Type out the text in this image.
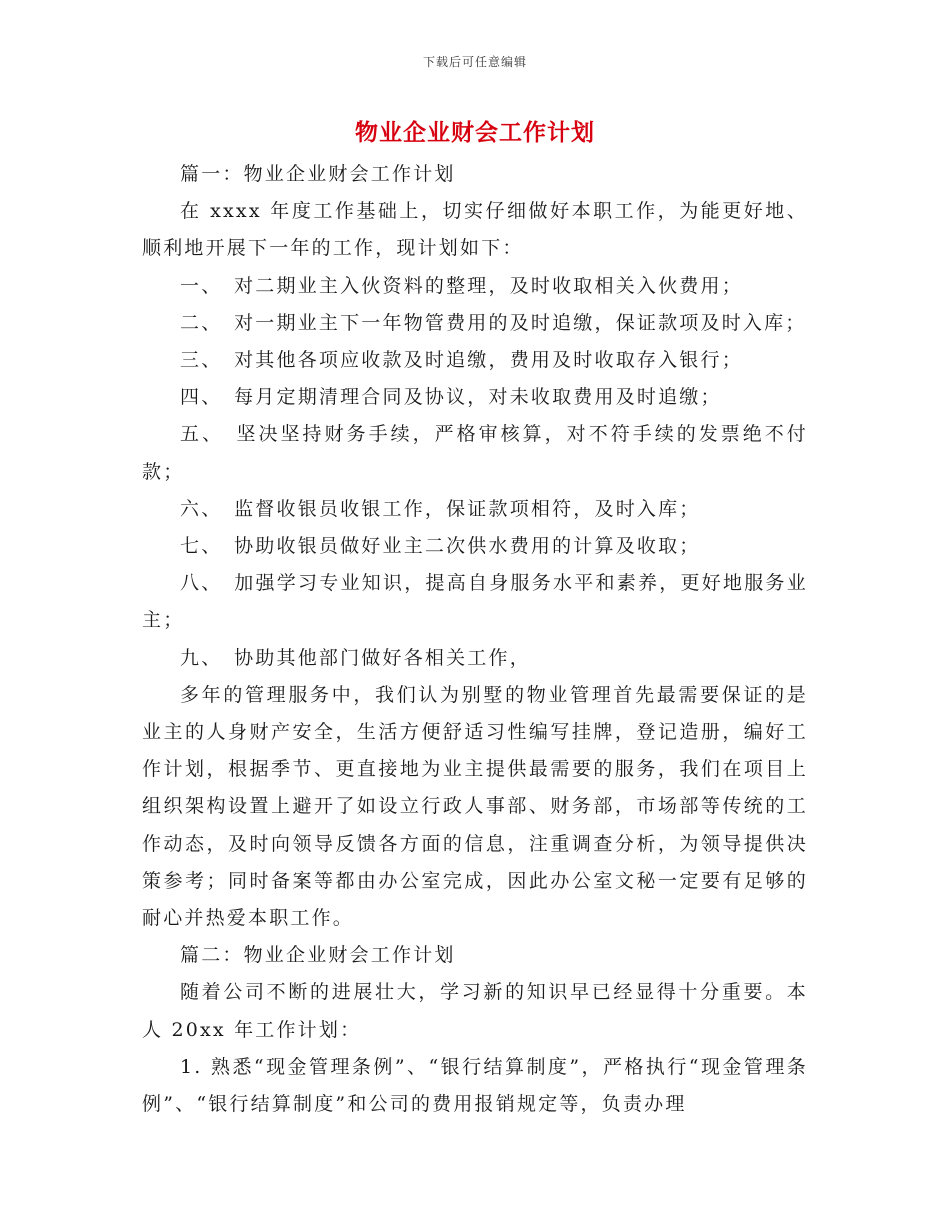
下载后可任意编辑
物业企业财会工作计划

篇一：物业企业财会工作计划

在 xxxx 年度工作基础上，切实仔细做好本职工作，为能更好地、顺利地开展下一年的工作，现计划如下：

一、　对二期业主入伙资料的整理，及时收取相关入伙费用；

二、　对一期业主下一年物管费用的及时追缴，保证款项及时入库；

三、　对其他各项应收款及时追缴，费用及时收取存入银行；

四、　每月定期清理合同及协议，对未收取费用及时追缴；

五、　坚决坚持财务手续，严格审核算，对不符手续的发票绝不付款；

六、　监督收银员收银工作，保证款项相符，及时入库；

七、　协助收银员做好业主二次供水费用的计算及收取；

八、　加强学习专业知识，提高自身服务水平和素养，更好地服务业主；

九、　协助其他部门做好各相关工作，

多年的管理服务中，我们认为别墅的物业管理首先最需要保证的是业主的人身财产安全，生活方便舒适习性编写挂牌，登记造册，编好工作计划，根据季节、更直接地为业主提供最需要的服务，我们在项目上组织架构设置上避开了如设立行政人事部、财务部，市场部等传统的工作动态，及时向领导反馈各方面的信息，注重调查分析，为领导提供决策参考；同时备案等都由办公室完成，因此办公室文秘一定要有足够的耐心并热爱本职工作。

篇二：物业企业财会工作计划

随着公司不断的进展壮大，学习新的知识早已经显得十分重要。本人 20xx 年工作计划：

1. 熟悉“现金管理条例”、“银行结算制度”，严格执行“现金管理条例”、“银行结算制度”和公司的费用报销规定等，负责办理
